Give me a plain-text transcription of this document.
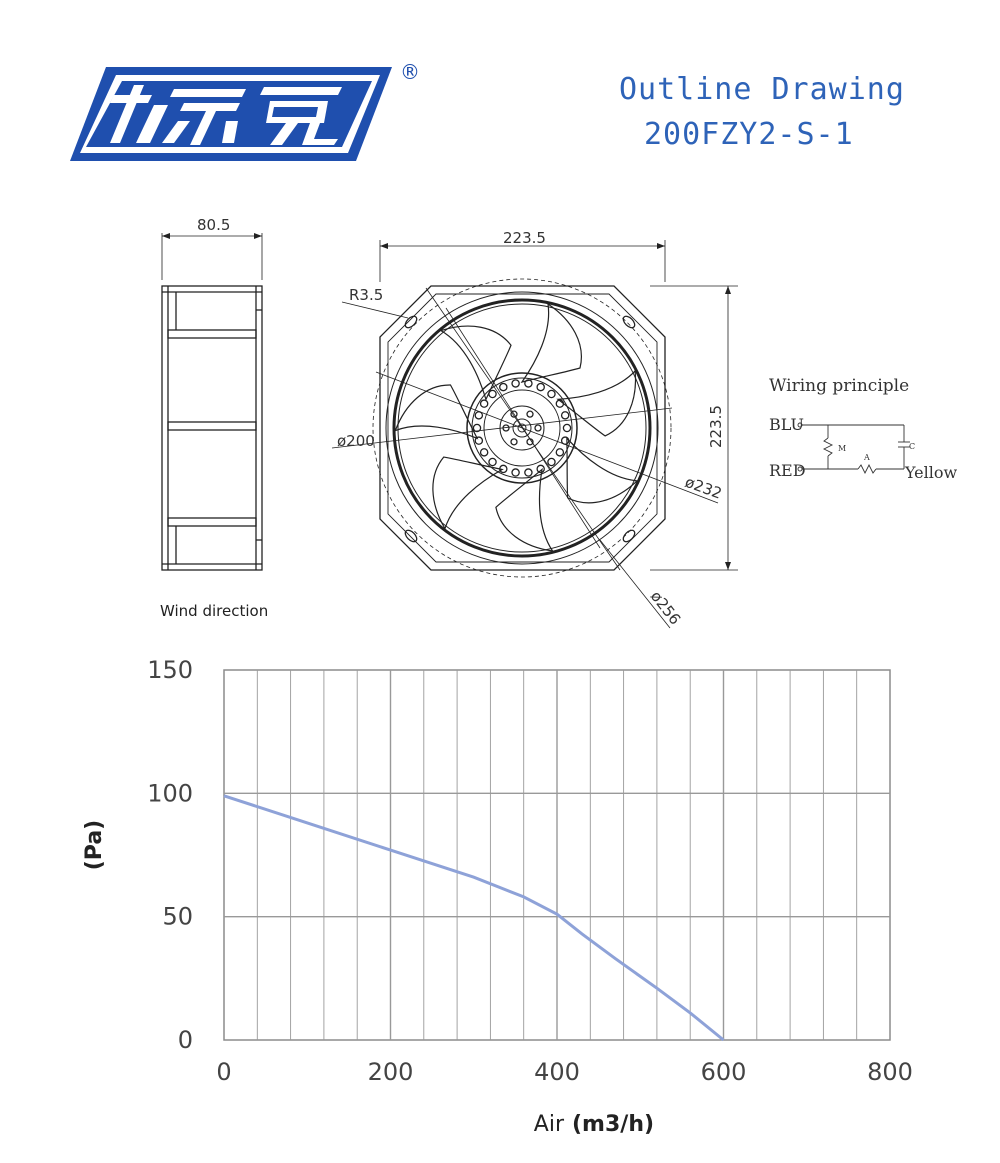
®	Outline Drawing
200FZY2-S-1
80.5
Wind direction
R3.5
223.5
223.5
ø200
ø232
ø256
Wiring principle
BLU
RED	Yellow
M
A
C
0	200	400	600	800
0
50
100
150
Air (m3/h)
(Pa)
